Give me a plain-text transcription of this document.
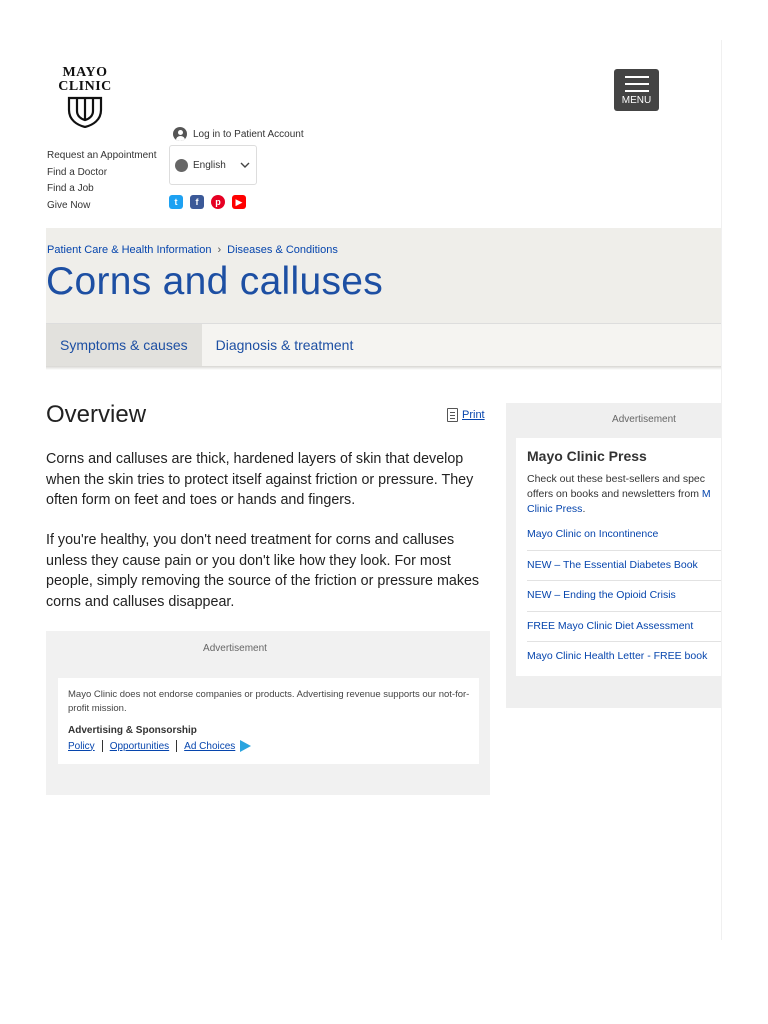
MAYO
CLINIC
MENU
Log in to Patient Account
Request an Appointment
Find a Doctor
Find a Job
Give Now
English
t	f	p	▶
Patient Care & Health Information › Diseases & Conditions
Corns and calluses
Symptoms & causes	Diagnosis & treatment
Overview	Print
Corns and calluses are thick, hardened layers of skin that develop when the skin tries to protect itself against friction or pressure. They often form on feet and toes or hands and fingers.
If you're healthy, you don't need treatment for corns and calluses unless they cause pain or you don't like how they look. For most people, simply removing the source of the friction or pressure makes corns and calluses disappear.
Advertisement
Mayo Clinic does not endorse companies or products. Advertising revenue supports our not-for-profit mission.
Advertising & Sponsorship
Policy Opportunities Ad Choices
Advertisement
Mayo Clinic Press
Check out these best-sellers and spec
offers on books and newsletters from M
Clinic Press.
Mayo Clinic on Incontinence
NEW – The Essential Diabetes Book
NEW – Ending the Opioid Crisis
FREE Mayo Clinic Diet Assessment
Mayo Clinic Health Letter - FREE book
